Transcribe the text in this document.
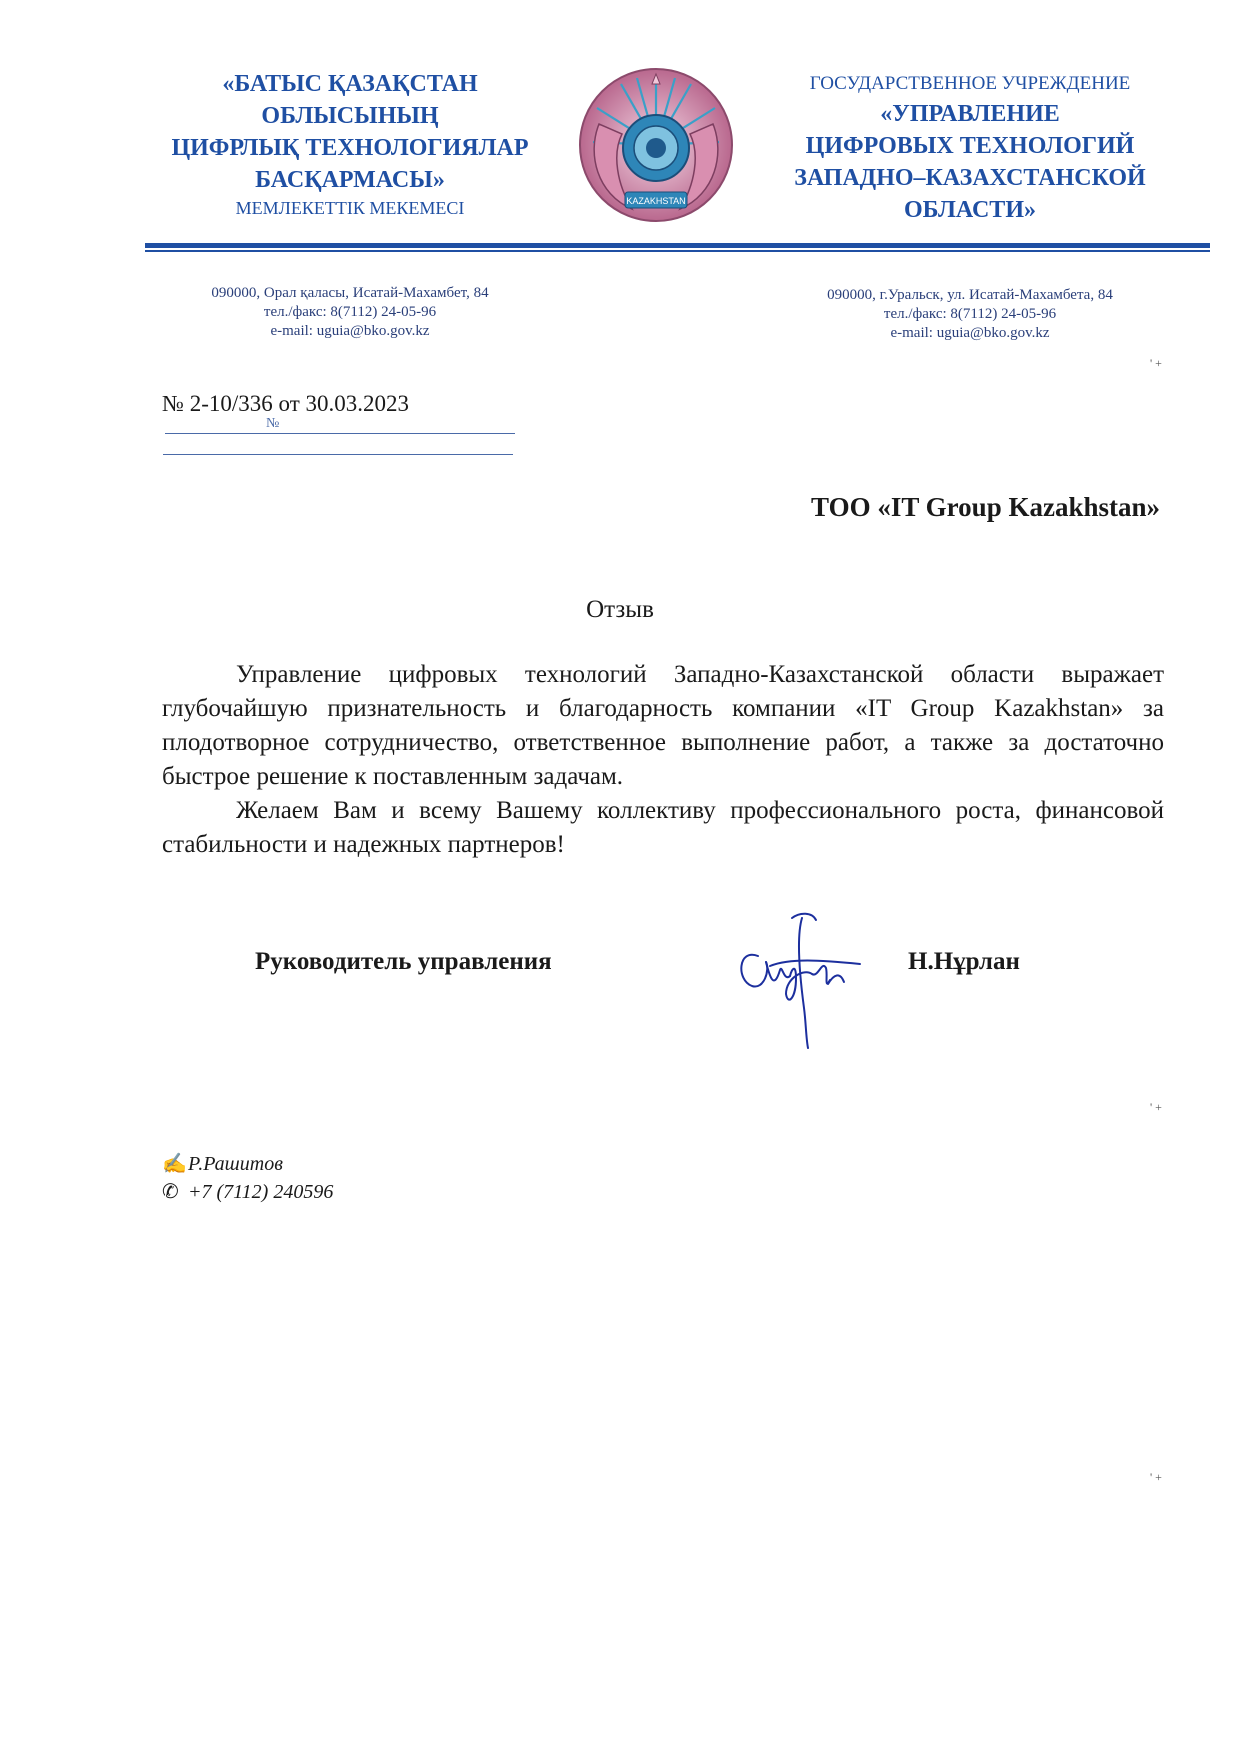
«БАТЫС ҚАЗАҚСТАН
ОБЛЫСЫНЫҢ
ЦИФРЛЫҚ ТЕХНОЛОГИЯЛАР
БАСҚАРМАСЫ»
МЕМЛЕКЕТТІК МЕКЕМЕСІ	KAZAKHSTAN
ГОСУДАРСТВЕННОЕ УЧРЕЖДЕНИЕ
«УПРАВЛЕНИЕ
ЦИФРОВЫХ ТЕХНОЛОГИЙ
ЗАПАДНО–КАЗАХСТАНСКОЙ
ОБЛАСТИ»
090000, Орал қаласы, Исатай-Махамбет, 84
тел./факс: 8(7112) 24-05-96
e-mail: uguia@bko.gov.kz
090000, г.Уральск, ул. Исатай-Махамбета, 84
тел./факс: 8(7112) 24-05-96
e-mail: uguia@bko.gov.kz
№ 2-10/336 от 30.03.2023
№
ТОО «IT Group Kazakhstan»
Отзыв

Управление цифровых технологий Западно-Казахстанской области выражает глубочайшую признательность и благодарность компании «IT Group Kazakhstan» за плодотворное сотрудничество, ответственное выполнение работ, а также за достаточно быстрое решение к поставленным задачам.

Желаем Вам и всему Вашему коллективу профессионального роста, финансовой стабильности и надежных партнеров!

Руководитель управления	Н.Нұрлан
✍Р.Рашитов
✆ +7 (7112) 240596
' +
' +
' +
